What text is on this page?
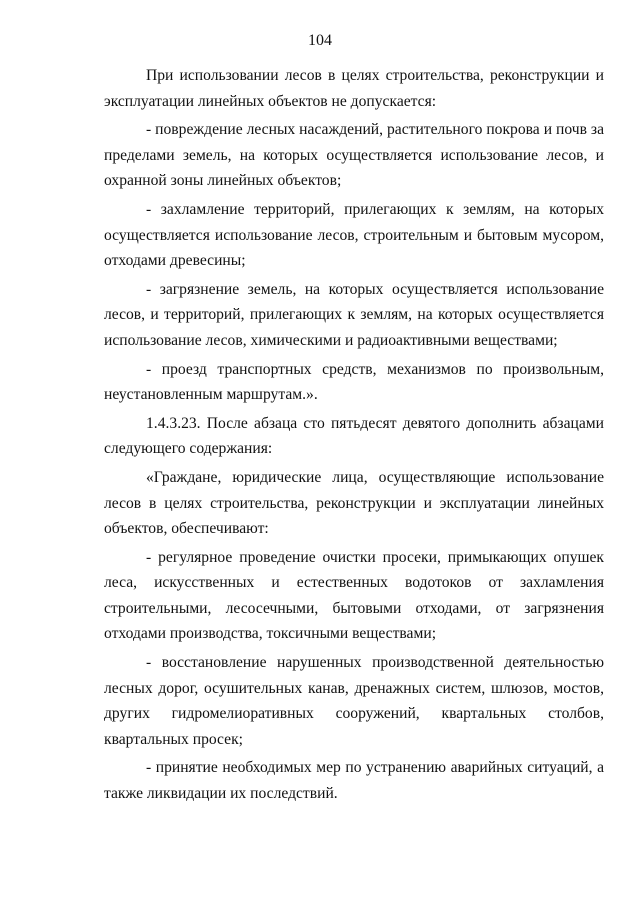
104

При использовании лесов в целях строительства, реконструкции и эксплуатации линейных объектов не допускается:

- повреждение лесных насаждений, растительного покрова и почв за пределами земель, на которых осуществляется использование лесов, и охранной зоны линейных объектов;

- захламление территорий, прилегающих к землям, на которых осуществляется использование лесов, строительным и бытовым мусором, отходами древесины;

- загрязнение земель, на которых осуществляется использование лесов, и территорий, прилегающих к землям, на которых осуществляется использование лесов, химическими и радиоактивными веществами;

- проезд транспортных средств, механизмов по произвольным, неустановленным маршрутам.».

1.4.3.23. После абзаца сто пятьдесят девятого дополнить абзацами следующего содержания:

«Граждане, юридические лица, осуществляющие использование лесов в целях строительства, реконструкции и эксплуатации линейных объектов, обеспечивают:

- регулярное проведение очистки просеки, примыкающих опушек леса, искусственных и естественных водотоков от захламления строительными, лесосечными, бытовыми отходами, от загрязнения отходами производства, токсичными веществами;

- восстановление нарушенных производственной деятельностью лесных дорог, осушительных канав, дренажных систем, шлюзов, мостов, других гидромелиоративных сооружений, квартальных столбов, квартальных просек;

- принятие необходимых мер по устранению аварийных ситуаций, а также ликвидации их последствий.
